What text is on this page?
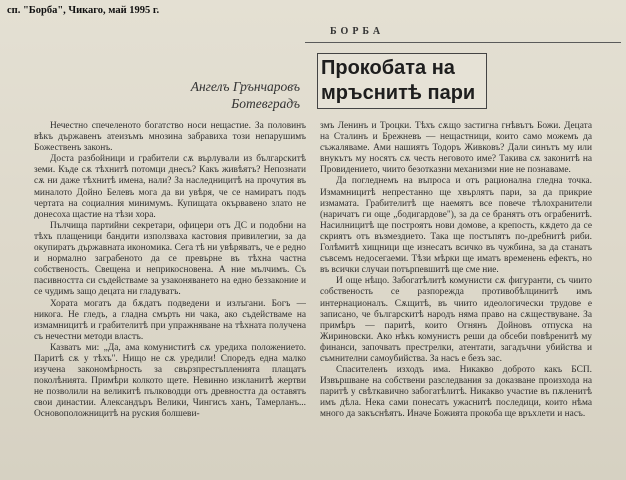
сп. "Борба", Чикаго, май 1995 г.
БОРБА
Ангелъ Грънчаровъ
Ботевградъ
Прокобата на
мръснитѣ пари

Нечестно спечеленото богатство носи нещастие. За половинъ вѣкъ държавенъ атеизъмъ мнозина забравиха този непарушимъ Божественъ законъ.

Доста разбойници и грабители сѫ върлували из българскитѣ земи. Къде сѫ тѣхнитѣ потомци днесъ? Какъ живѣятъ? Непознати сѫ ни даже тѣхнитѣ имена, нали? За наследницитѣ на прочутия въ миналото Дойно Белевъ мога да ви увѣря, че се намиратъ подъ чертата на социалния минимумъ. Купищата окървавено злато не донесоха щастие на тѣзи хора.

Пълчища партийни секретари, офицери отъ ДС и подобни на тѣхъ плащеници бандити използваха кастовия привилегии, за да окупиратъ държавната икономика. Сега тѣ ни увѣряватъ, че е редно и нормално заграбеното да се превърне въ тѣхна частна собственость. Свещена и неприкосновена. А ние мълчимъ. Съ пасивността си съдействаме за узаконяването на едно беззаконие и се чудимъ защо децата ни гладуватъ.

Хората могатъ да бѫдатъ подведени и излъгани. Богъ — никога. Не гледъ, а гладна смърть ни чака, ако съдействаме на измамницитѣ и грабителитѣ при упражняване на тѣхната получена съ нечестни методи властъ.

Казватъ ми: „Да, ама комуниститѣ сѫ уредиха положението. Паритѣ сѫ у тѣхъ". Нищо не сѫ уредили! Споредъ една малко изучена закономѣрность за свързпрестъпленията плащатъ поколѣнията. Примѣри колкото щете. Невинно изкланитѣ жертви не позволили на великитѣ пълководци отъ древността да оставятъ свои династии. Александъръ Велики, Чингисъ ханъ, Тамерланъ... Основоположницитѣ на руския болшеви-

змъ Ленинъ и Троцки. Тѣхъ сѫщо застигна гнѣвътъ Божи. Децата на Сталинъ и Брежневъ — нещастници, които само можемъ да съжаляваме. Ами нашиятъ Тодоръ Живковъ? Дали синътъ му или внукътъ му носятъ сѫ честь неговото име? Такива сѫ законитѣ на Провидението, чиито безотказни механизми ние не познаваме.

Да погледнемъ на въпроса и отъ рационална гледна точка. Измамницитѣ непрестанно ще хвърлятъ пари, за да прикрие измамата. Грабителитѣ ще наемятъ все повече тѣлохранители (наричатъ ги още „бодигардове"), за да се бранятъ отъ ограбенитѣ. Насилницитѣ ще построятъ нови домове, а крепость, кѫдето да се скриятъ отъ възмездието. Така ще постъпятъ по-дребнитѣ риби. Голѣмитѣ хищници ще изнесатъ всичко въ чужбина, за да станатъ съвсемъ недосегаеми. Тѣзи мѣрки ще иматъ временень ефектъ, но въ всички случаи потърпевшитѣ ще сме ние.

И още нѣщо. Забогатѣлитѣ комунисти сѫ фигуранти, съ чиито собственость се разпорежда противобѣлцинитѣ имъ интернационалъ. Сѫщитѣ, въ чиито идеологически трудове е записано, че българскитѣ народъ няма право на сѫществуване. За примѣръ — паритѣ, които Огнянъ Дойновъ отпуска на Жириновски. Ако нѣкъ комунистъ реши да обсеби повѣренитѣ му финанси, започватъ престрелки, атентати, загадъчни убийства и съмнителни самоубийства. За насъ е безъ зас.

Спасителенъ изходъ има. Никакво доброто какъ БСП. Извършване на собствени разследвания за доказване произхода на паритѣ у свѣткавично забогатѣлитѣ. Никакво участие въ пѫленитѣ имъ дѣла. Нека сами понесатъ ужаснитѣ последици, които нѣма много да закъснѣятъ. Иначе Божията прокоба ще връхлети и насъ.
